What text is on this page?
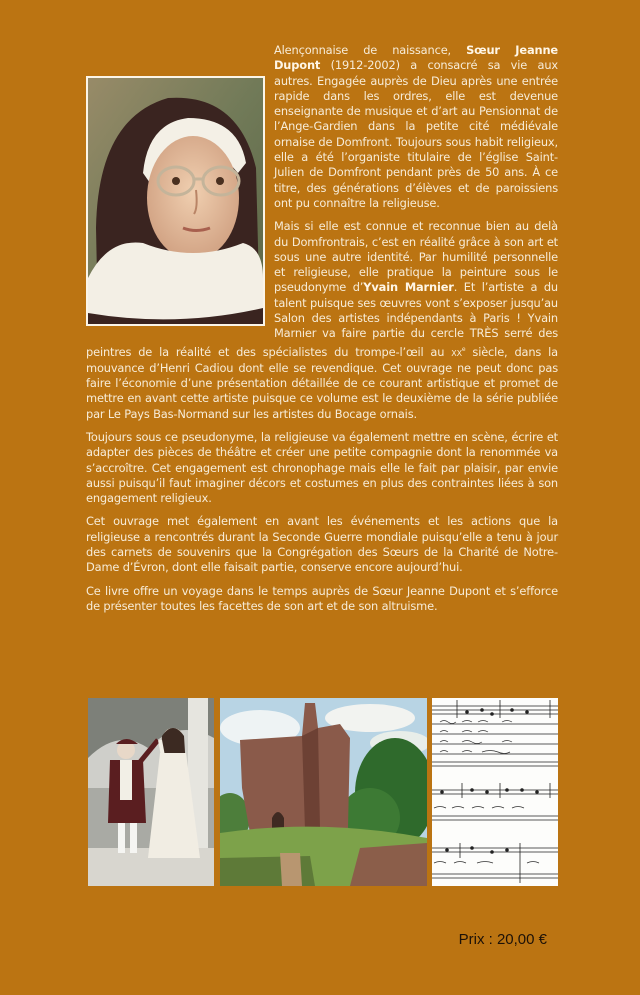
Alençonnaise de naissance, Sœur Jeanne Dupont (1912-2002) a consacré sa vie aux autres. Engagée auprès de Dieu après une entrée rapide dans les ordres, elle est devenue enseignante de musique et d’art au Pensionnat de l’Ange-Gardien dans la petite cité médiévale ornaise de Domfront. Toujours sous habit religieux, elle a été l’organiste titulaire de l’église Saint-Julien de Domfront pendant près de 50 ans. À ce titre, des générations d’élèves et de paroissiens ont pu connaître la religieuse.

Mais si elle est connue et reconnue bien au delà du Domfrontrais, c’est en réalité grâce à son art et sous une autre identité. Par humilité personnelle et religieuse, elle pratique la peinture sous le pseudonyme d’Yvain Marnier. Et l’artiste a du talent puisque ses œuvres vont s’exposer jusqu’au Salon des artistes indépendants à Paris ! Yvain Marnier va faire partie du cercle TRÈS serré des peintres de la réalité et des spécialistes du trompe-l’œil au XXe siècle, dans la mouvance d’Henri Cadiou dont elle se revendique. Cet ouvrage ne peut donc pas faire l’économie d’une présentation détaillée de ce courant artistique et promet de mettre en avant cette artiste puisque ce volume est le deuxième de la série publiée par Le Pays Bas-Normand sur les artistes du Bocage ornais.

Toujours sous ce pseudonyme, la religieuse va également mettre en scène, écrire et adapter des pièces de théâtre et créer une petite compagnie dont la renommée va s’accroître. Cet engagement est chronophage mais elle le fait par plaisir, par envie aussi puisqu’il faut imaginer décors et costumes en plus des contraintes liées à son engagement religieux.

Cet ouvrage met également en avant les événements et les actions que la religieuse a rencontrés durant la Seconde Guerre mondiale puisqu’elle a tenu à jour des carnets de souvenirs que la Congrégation des Sœurs de la Charité de Notre-Dame d’Évron, dont elle faisait partie, conserve encore aujourd’hui.

Ce livre offre un voyage dans le temps auprès de Sœur Jeanne Dupont et s’efforce de présenter toutes les facettes de son art et de son altruisme.

Prix : 20,00 €
